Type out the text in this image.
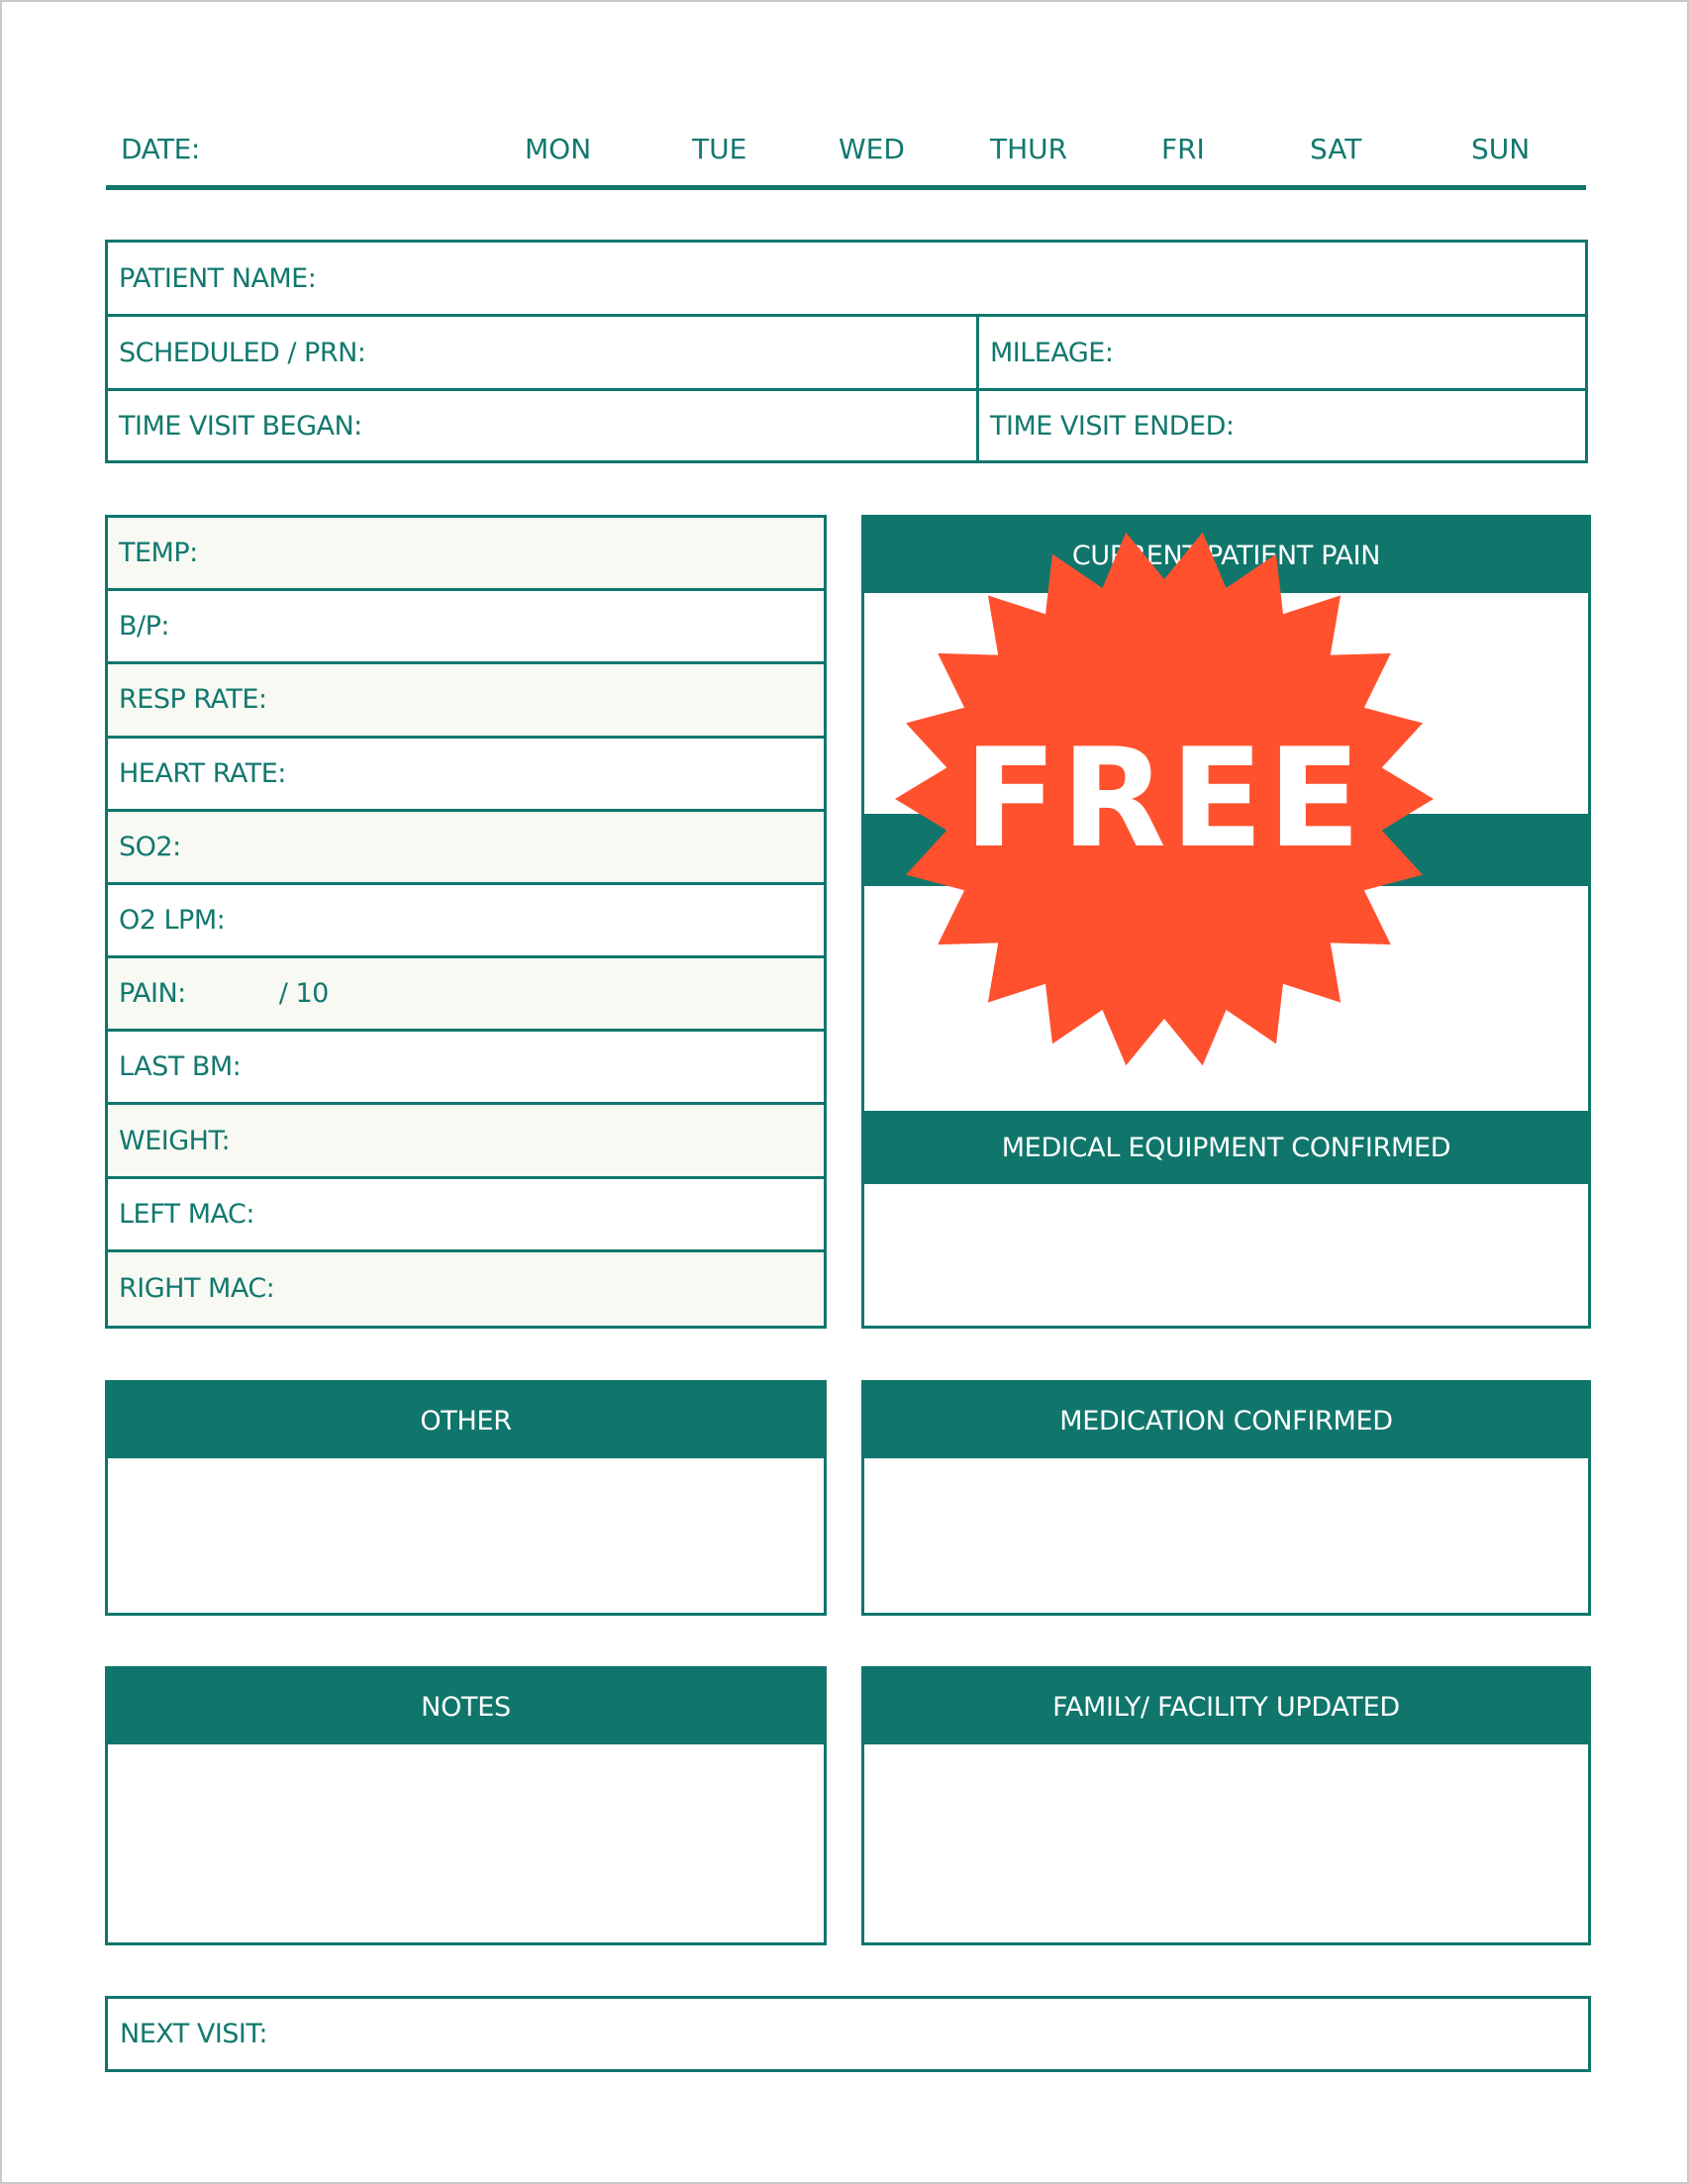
DATE:	MON	TUE	WED	THUR	FRI	SAT	SUN
PATIENT NAME:
SCHEDULED / PRN:	MILEAGE:
TIME VISIT BEGAN:	TIME VISIT ENDED:
TEMP:
B/P:
RESP RATE:
HEART RATE:
SO2:
O2 LPM:
PAIN:	/ 10
LAST BM:
WEIGHT:
LEFT MAC:
RIGHT MAC:
CURRENT PATIENT PAIN
MEDICAL EQUIPMENT CONFIRMED
OTHER	MEDICATION CONFIRMED
NOTES	FAMILY/ FACILITY UPDATED
NEXT VISIT:
FREE
